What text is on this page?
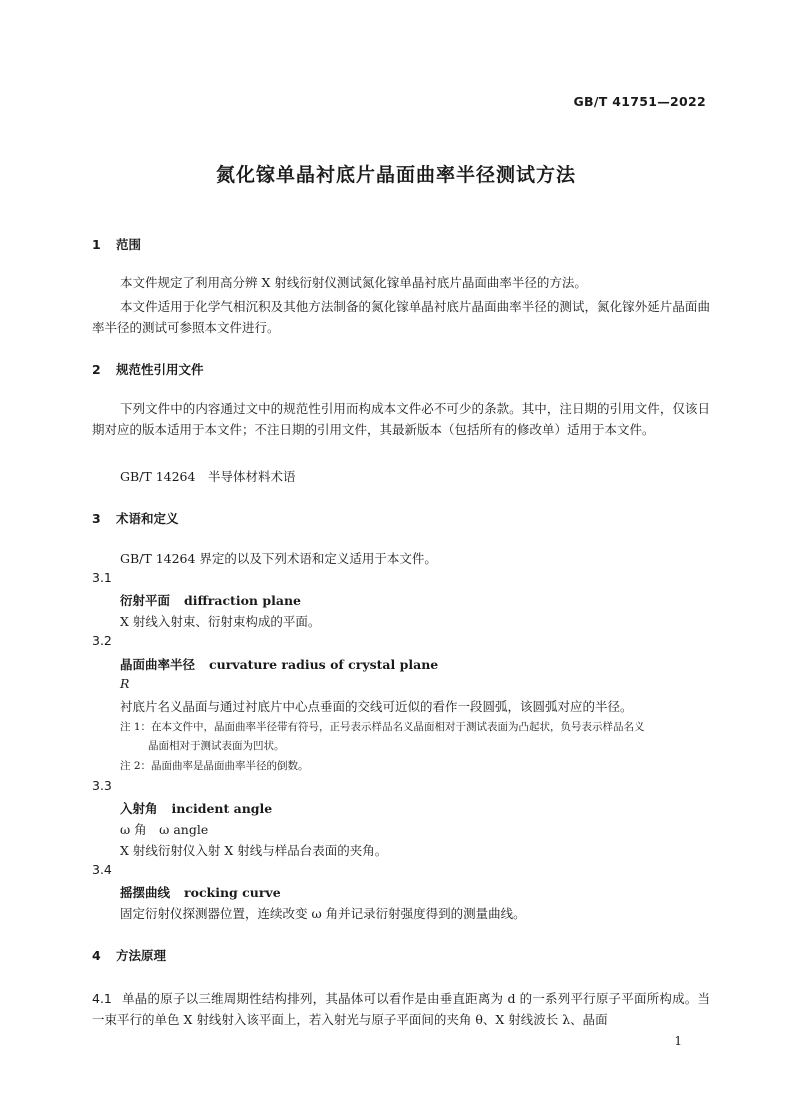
GB/T 41751—2022
氮化镓单晶衬底片晶面曲率半径测试方法
1 范围
本文件规定了利用高分辨 X 射线衍射仪测试氮化镓单晶衬底片晶面曲率半径的方法。
本文件适用于化学气相沉积及其他方法制备的氮化镓单晶衬底片晶面曲率半径的测试，氮化镓外延片晶面曲率半径的测试可参照本文件进行。
2 规范性引用文件
下列文件中的内容通过文中的规范性引用而构成本文件必不可少的条款。其中，注日期的引用文件，仅该日期对应的版本适用于本文件；不注日期的引用文件，其最新版本（包括所有的修改单）适用于本文件。
GB/T 14264　半导体材料术语
3 术语和定义
GB/T 14264 界定的以及下列术语和定义适用于本文件。
3.1
衍射平面 diffraction plane
X 射线入射束、衍射束构成的平面。
3.2
晶面曲率半径 curvature radius of crystal plane
R
衬底片名义晶面与通过衬底片中心点垂面的交线可近似的看作一段圆弧，该圆弧对应的半径。
注 1：在本文件中，晶面曲率半径带有符号，正号表示样品名义晶面相对于测试表面为凸起状，负号表示样品名义
晶面相对于测试表面为凹状。
注 2：晶面曲率是晶面曲率半径的倒数。
3.3
入射角 incident angle
ω 角　ω angle
X 射线衍射仪入射 X 射线与样品台表面的夹角。
3.4
摇摆曲线 rocking curve
固定衍射仪探测器位置，连续改变 ω 角并记录衍射强度得到的测量曲线。
4 方法原理
4.1 单晶的原子以三维周期性结构排列，其晶体可以看作是由垂直距离为 d 的一系列平行原子平面所构成。当一束平行的单色 X 射线射入该平面上，若入射光与原子平面间的夹角 θ、X 射线波长 λ、晶面
1
